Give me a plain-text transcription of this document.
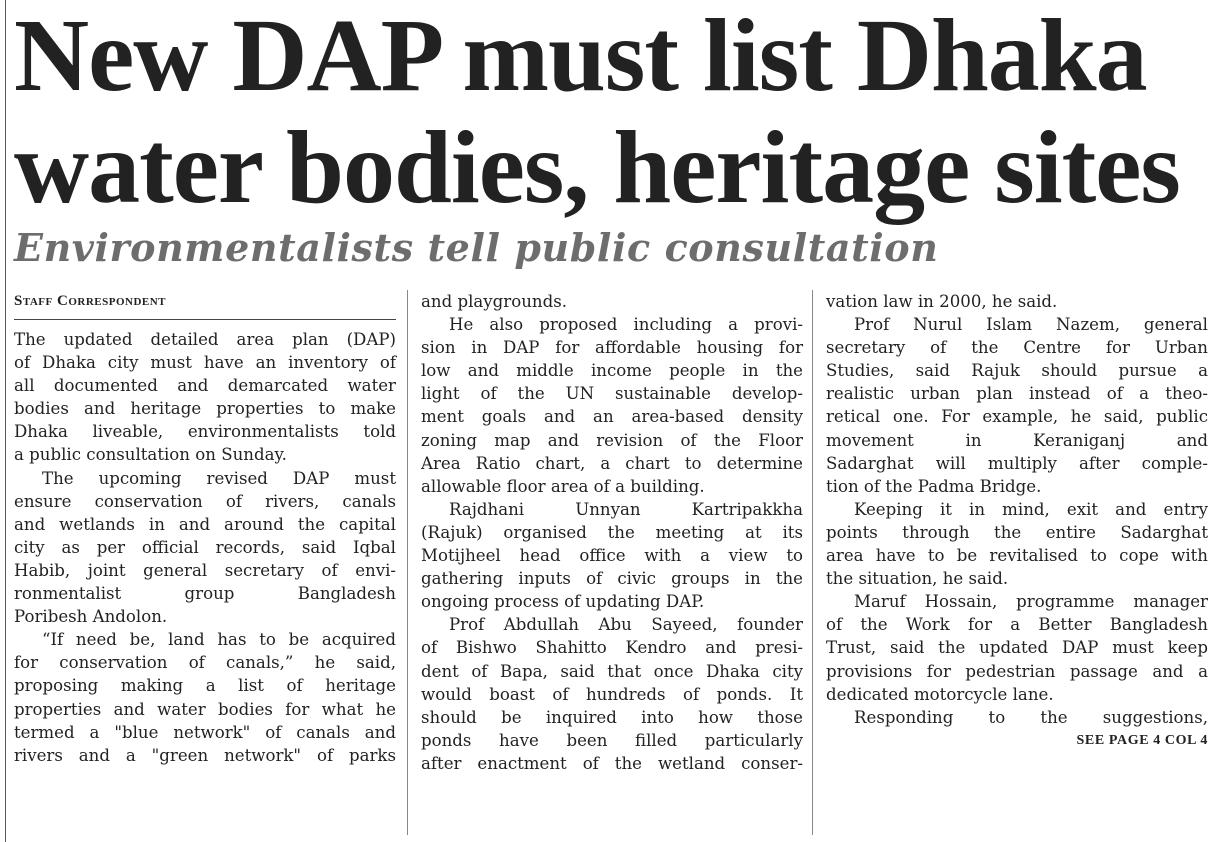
New DAP must list Dhaka
water bodies, heritage sites
Environmentalists tell public consultation
Staff Correspondent
The updated detailed area plan (DAP)
of Dhaka city must have an inventory of
all documented and demarcated water
bodies and heritage properties to make
Dhaka liveable, environmentalists told
a public consultation on Sunday.
The upcoming revised DAP must
ensure conservation of rivers, canals
and wetlands in and around the capital
city as per official records, said Iqbal
Habib, joint general secretary of envi-
ronmentalist group Bangladesh
Poribesh Andolon.
“If need be, land has to be acquired
for conservation of canals,” he said,
proposing making a list of heritage
properties and water bodies for what he
termed a "blue network" of canals and
rivers and a "green network" of parks
and playgrounds.
He also proposed including a provi-
sion in DAP for affordable housing for
low and middle income people in the
light of the UN sustainable develop-
ment goals and an area-based density
zoning map and revision of the Floor
Area Ratio chart, a chart to determine
allowable floor area of a building.
Rajdhani Unnyan Kartripakkha
(Rajuk) organised the meeting at its
Motijheel head office with a view to
gathering inputs of civic groups in the
ongoing process of updating DAP.
Prof Abdullah Abu Sayeed, founder
of Bishwo Shahitto Kendro and presi-
dent of Bapa, said that once Dhaka city
would boast of hundreds of ponds. It
should be inquired into how those
ponds have been filled particularly
after enactment of the wetland conser-
vation law in 2000, he said.
Prof Nurul Islam Nazem, general
secretary of the Centre for Urban
Studies, said Rajuk should pursue a
realistic urban plan instead of a theo-
retical one. For example, he said, public
movement in Keraniganj and
Sadarghat will multiply after comple-
tion of the Padma Bridge.
Keeping it in mind, exit and entry
points through the entire Sadarghat
area have to be revitalised to cope with
the situation, he said.
Maruf Hossain, programme manager
of the Work for a Better Bangladesh
Trust, said the updated DAP must keep
provisions for pedestrian passage and a
dedicated motorcycle lane.
Responding to the suggestions,
SEE PAGE 4 COL 4
